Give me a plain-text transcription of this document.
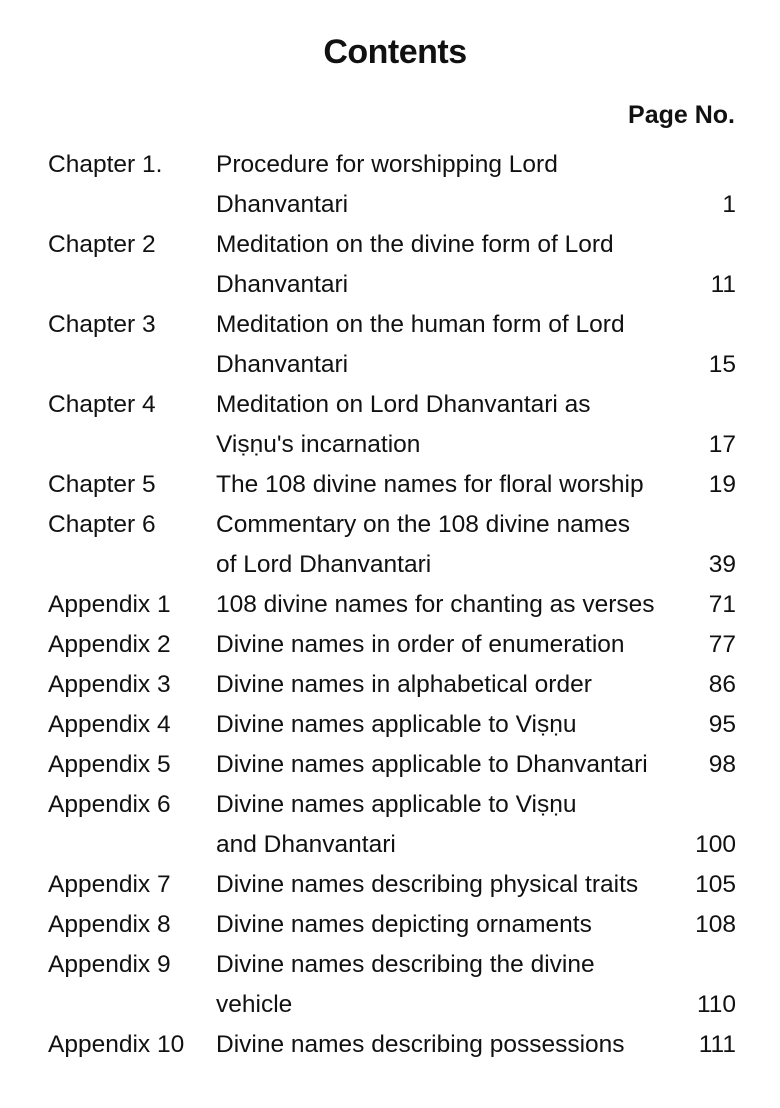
Contents
Page No.
Chapter 1.	Procedure for worshipping Lord
Dhanvantari	1
Chapter 2	Meditation on the divine form of Lord
Dhanvantari	11
Chapter 3	Meditation on the human form of Lord
Dhanvantari	15
Chapter 4	Meditation on Lord Dhanvantari as
Viṣṇu's incarnation	17
Chapter 5	The 108 divine names for floral worship	19
Chapter 6	Commentary on the 108 divine names
of Lord Dhanvantari	39
Appendix 1	108 divine names for chanting as verses	71
Appendix 2	Divine names in order of enumeration	77
Appendix 3	Divine names in alphabetical order	86
Appendix 4	Divine names applicable to Viṣṇu	95
Appendix 5	Divine names applicable to Dhanvantari	98
Appendix 6	Divine names applicable to Viṣṇu
and Dhanvantari	100
Appendix 7	Divine names describing physical traits	105
Appendix 8	Divine names depicting ornaments	108
Appendix 9	Divine names describing the divine
vehicle	110
Appendix 10	Divine names describing possessions	111
